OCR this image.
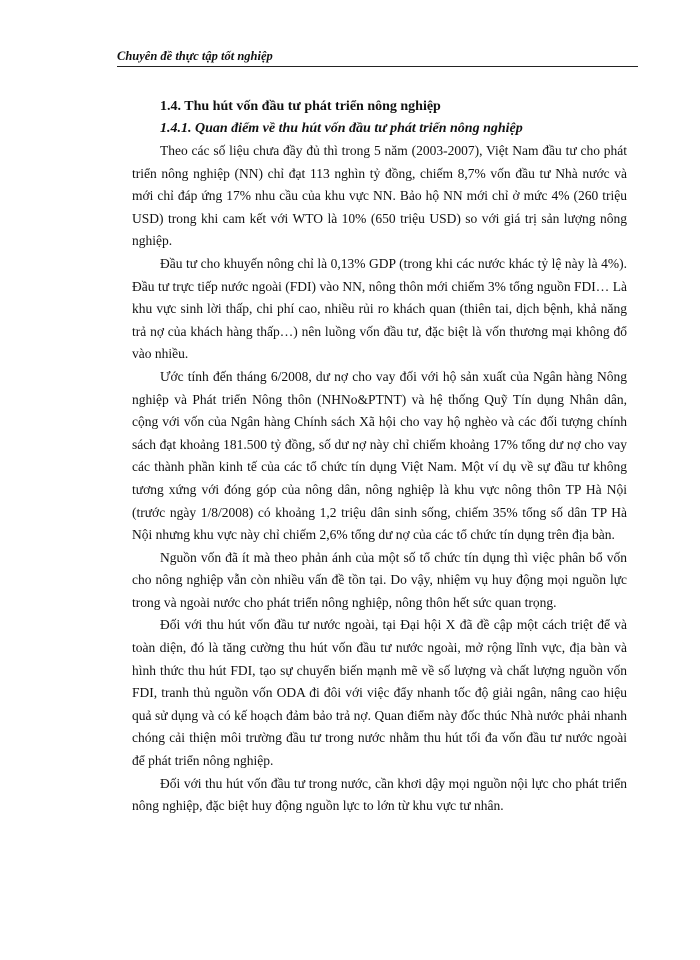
Chuyên đề thực tập tốt nghiệp
1.4. Thu hút vốn đầu tư phát triển nông nghiệp
1.4.1. Quan điểm về thu hút vốn đầu tư phát triển nông nghiệp

Theo các số liệu chưa đầy đủ thì trong 5 năm (2003-2007), Việt Nam đầu tư cho phát triển nông nghiệp (NN) chỉ đạt 113 nghìn tỷ đồng, chiếm 8,7% vốn đầu tư Nhà nước và mới chỉ đáp ứng 17% nhu cầu của khu vực NN. Bảo hộ NN mới chỉ ở mức 4% (260 triệu USD) trong khi cam kết với WTO là 10% (650 triệu USD) so với giá trị sản lượng nông nghiệp.

Đầu tư cho khuyến nông chỉ là 0,13% GDP (trong khi các nước khác tỷ lệ này là 4%). Đầu tư trực tiếp nước ngoài (FDI) vào NN, nông thôn mới chiếm 3% tổng nguồn FDI… Là khu vực sinh lời thấp, chi phí cao, nhiều rủi ro khách quan (thiên tai, dịch bệnh, khả năng trả nợ của khách hàng thấp…) nên luồng vốn đầu tư, đặc biệt là vốn thương mại không đổ vào nhiều.

Ước tính đến tháng 6/2008, dư nợ cho vay đối với hộ sản xuất của Ngân hàng Nông nghiệp và Phát triển Nông thôn (NHNo&PTNT) và hệ thống Quỹ Tín dụng Nhân dân, cộng với vốn của Ngân hàng Chính sách Xã hội cho vay hộ nghèo và các đối tượng chính sách đạt khoảng 181.500 tỷ đồng, số dư nợ này chỉ chiếm khoảng 17% tổng dư nợ cho vay các thành phần kinh tế của các tổ chức tín dụng Việt Nam. Một ví dụ về sự đầu tư không tương xứng với đóng góp của nông dân, nông nghiệp là khu vực nông thôn TP Hà Nội (trước ngày 1/8/2008) có khoảng 1,2 triệu dân sinh sống, chiếm 35% tổng số dân TP Hà Nội nhưng khu vực này chỉ chiếm 2,6% tổng dư nợ của các tổ chức tín dụng trên địa bàn.

Nguồn vốn đã ít mà theo phản ánh của một số tổ chức tín dụng thì việc phân bổ vốn cho nông nghiệp vẫn còn nhiều vấn đề tồn tại. Do vậy, nhiệm vụ huy động mọi nguồn lực trong và ngoài nước cho phát triển nông nghiệp, nông thôn hết sức quan trọng.

Đối với thu hút vốn đầu tư nước ngoài, tại Đại hội X đã đề cập một cách triệt để và toàn diện, đó là tăng cường thu hút vốn đầu tư nước ngoài, mở rộng lĩnh vực, địa bàn và hình thức thu hút FDI, tạo sự chuyển biến mạnh mẽ về số lượng và chất lượng nguồn vốn FDI, tranh thủ nguồn vốn ODA đi đôi với việc đẩy nhanh tốc độ giải ngân, nâng cao hiệu quả sử dụng và có kế hoạch đảm bảo trả nợ. Quan điểm này đốc thúc Nhà nước phải nhanh chóng cải thiện môi trường đầu tư trong nước nhằm thu hút tối đa vốn đầu tư nước ngoài để phát triển nông nghiệp.

Đối với thu hút vốn đầu tư trong nước, cần khơi dậy mọi nguồn nội lực cho phát triển nông nghiệp, đặc biệt huy động nguồn lực to lớn từ khu vực tư nhân.
